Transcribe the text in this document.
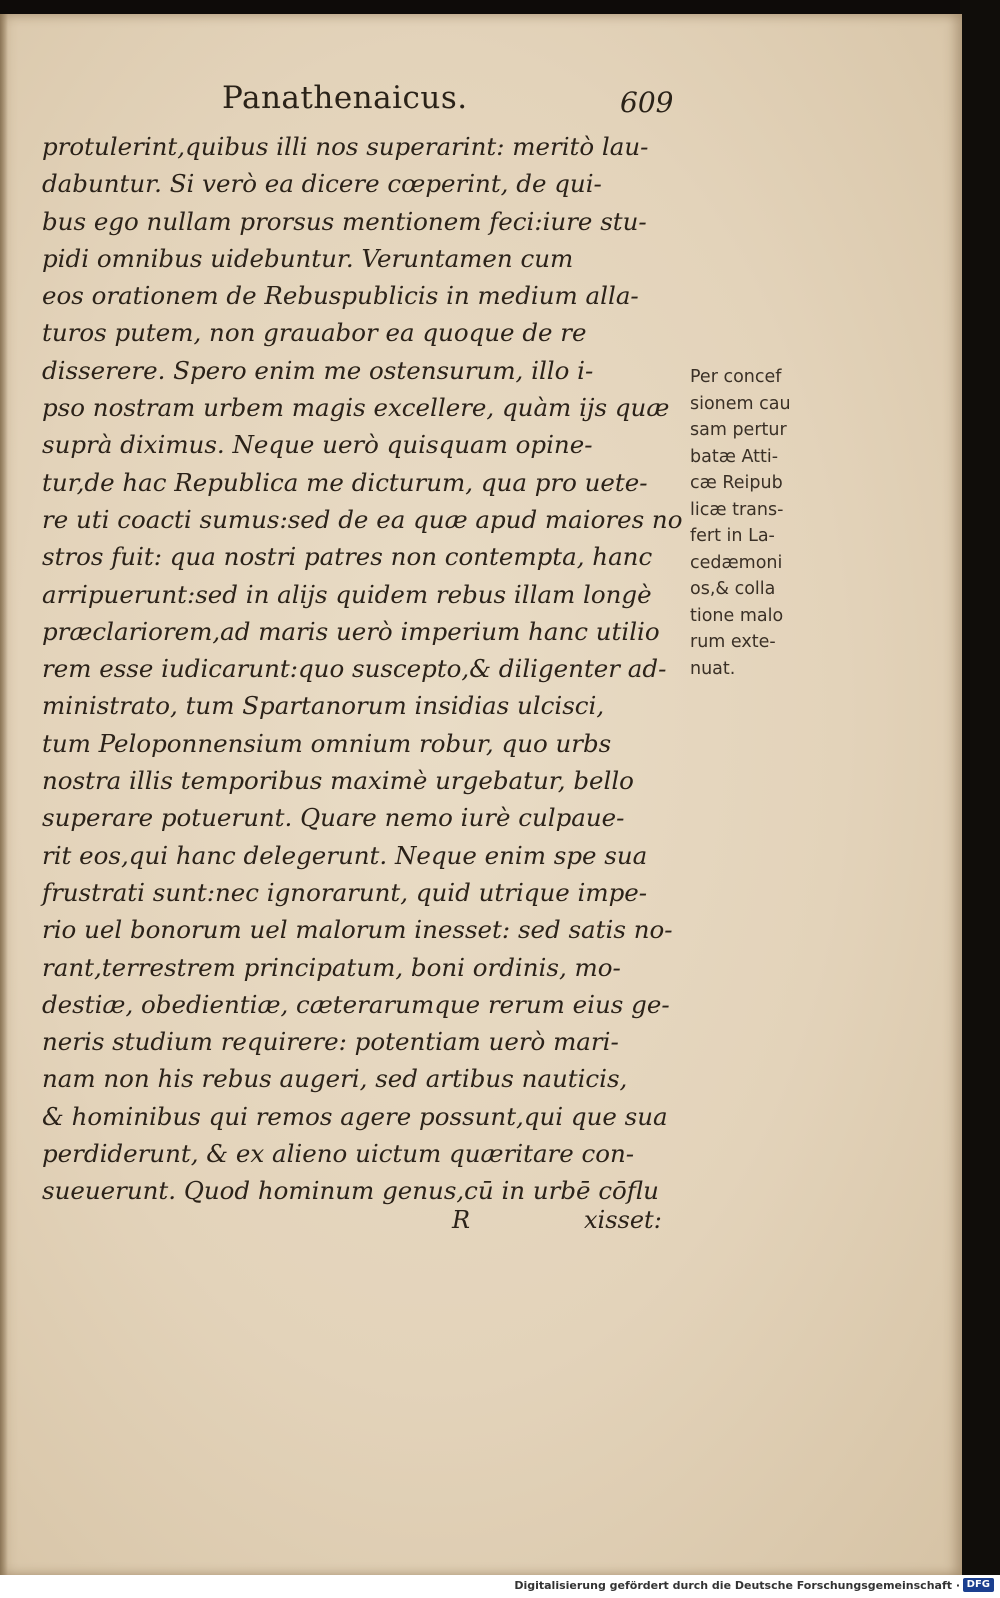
Panathenaicus.	609
protulerint,quibus illi nos superarint: meritò lau-
dabuntur. Si verò ea dicere cœperint, de qui-
bus ego nullam prorsus mentionem feci:iure stu-
pidi omnibus uidebuntur. Veruntamen cum
eos orationem de Rebuspublicis in medium alla-
turos putem, non grauabor ea quoque de re
disserere. Spero enim me ostensurum, illo i-
pso nostram urbem magis excellere, quàm ijs quæ
suprà diximus. Neque uerò quisquam opine-
tur,de hac Republica me dicturum, qua pro uete-
re uti coacti sumus:sed de ea quæ apud maiores no
stros fuit: qua nostri patres non contempta, hanc
arripuerunt:sed in alijs quidem rebus illam longè
præclariorem,ad maris uerò imperium hanc utilio
rem esse iudicarunt:quo suscepto,& diligenter ad-
ministrato, tum Spartanorum insidias ulcisci,
tum Peloponnensium omnium robur, quo urbs
nostra illis temporibus maximè urgebatur, bello
superare potuerunt. Quare nemo iurè culpaue-
rit eos,qui hanc delegerunt. Neque enim spe sua
frustrati sunt:nec ignorarunt, quid utrique impe-
rio uel bonorum uel malorum inesset: sed satis no-
rant,terrestrem principatum, boni ordinis, mo-
destiæ, obedientiæ, cæterarumque rerum eius ge-
neris studium requirere: potentiam uerò mari-
nam non his rebus augeri, sed artibus nauticis,
& hominibus qui remos agere possunt,qui que sua
perdiderunt, & ex alieno uictum quæritare con-
sueuerunt. Quod hominum genus,cū in urbē cōflu
Per concef
sionem cau
sam pertur
batæ Atti-
cæ Reipub
licæ trans-
fert in La-
cedæmoni
os,& colla
tione malo
rum exte-
nuat.
R	xisset:
Digitalisierung gefördert durch die Deutsche Forschungsgemeinschaft · DFG
